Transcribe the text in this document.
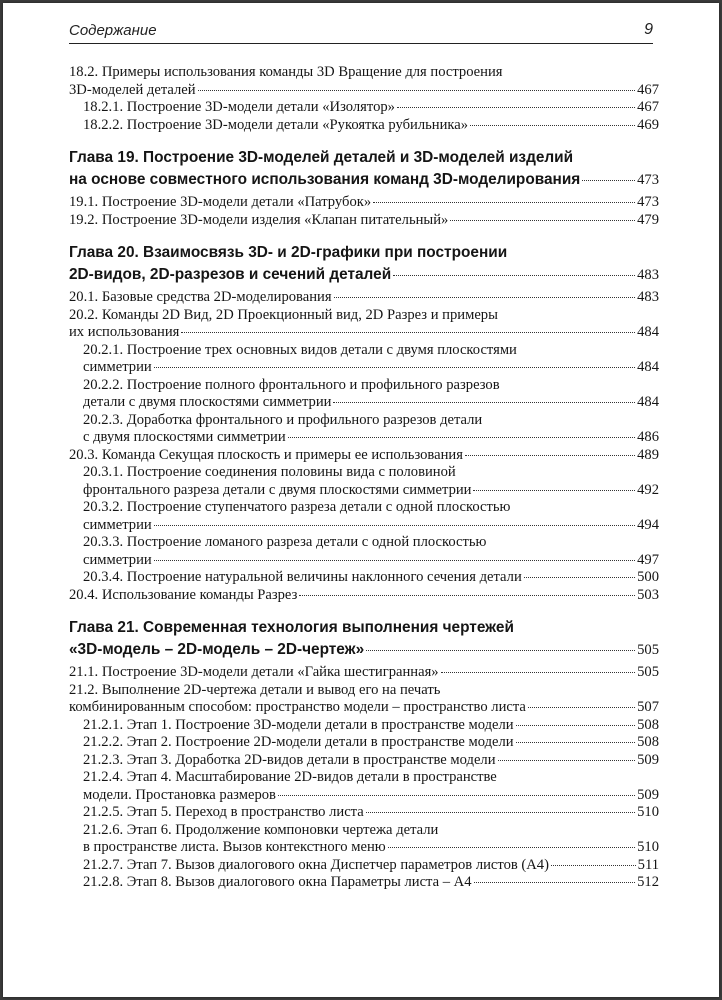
Содержание	9
18.2. Примеры использования команды 3D Вращение для построения
3D-моделей деталей	467
18.2.1. Построение 3D-модели детали «Изолятор»	467
18.2.2. Построение 3D-модели детали «Рукоятка рубильника»	469
Глава 19. Построение 3D-моделей деталей и 3D-моделей изделий
на основе совместного использования команд 3D-моделирования	473
19.1. Построение 3D-модели детали «Патрубок»	473
19.2. Построение 3D-модели изделия «Клапан питательный»	479
Глава 20. Взаимосвязь 3D- и 2D-графики при построении
2D-видов, 2D-разрезов и сечений деталей	483
20.1. Базовые средства 2D-моделирования	483
20.2. Команды 2D Вид, 2D Проекционный вид, 2D Разрез и примеры
их использования	484
20.2.1. Построение трех основных видов детали с двумя плоскостями
симметрии	484
20.2.2. Построение полного фронтального и профильного разрезов
детали с двумя плоскостями симметрии	484
20.2.3. Доработка фронтального и профильного разрезов детали
с двумя плоскостями симметрии	486
20.3. Команда Секущая плоскость и примеры ее использования	489
20.3.1. Построение соединения половины вида с половиной
фронтального разреза детали с двумя плоскостями симметрии	492
20.3.2. Построение ступенчатого разреза детали с одной плоскостью
симметрии	494
20.3.3. Построение ломаного разреза детали с одной плоскостью
симметрии	497
20.3.4. Построение натуральной величины наклонного сечения детали	500
20.4. Использование команды Разрез	503
Глава 21. Современная технология выполнения чертежей
«3D-модель – 2D-модель – 2D-чертеж»	505
21.1. Построение 3D-модели детали «Гайка шестигранная»	505
21.2. Выполнение 2D-чертежа детали и вывод его на печать
комбинированным способом: пространство модели – пространство листа	507
21.2.1. Этап 1. Построение 3D-модели детали в пространстве модели	508
21.2.2. Этап 2. Построение 2D-модели детали в пространстве модели	508
21.2.3. Этап 3. Доработка 2D-видов детали в пространстве модели	509
21.2.4. Этап 4. Масштабирование 2D-видов детали в пространстве
модели. Простановка размеров	509
21.2.5. Этап 5. Переход в пространство листа	510
21.2.6. Этап 6. Продолжение компоновки чертежа детали
в пространстве листа. Вызов контекстного меню	510
21.2.7. Этап 7. Вызов диалогового окна Диспетчер параметров листов (А4)	511
21.2.8. Этап 8. Вызов диалогового окна Параметры листа – А4	512
